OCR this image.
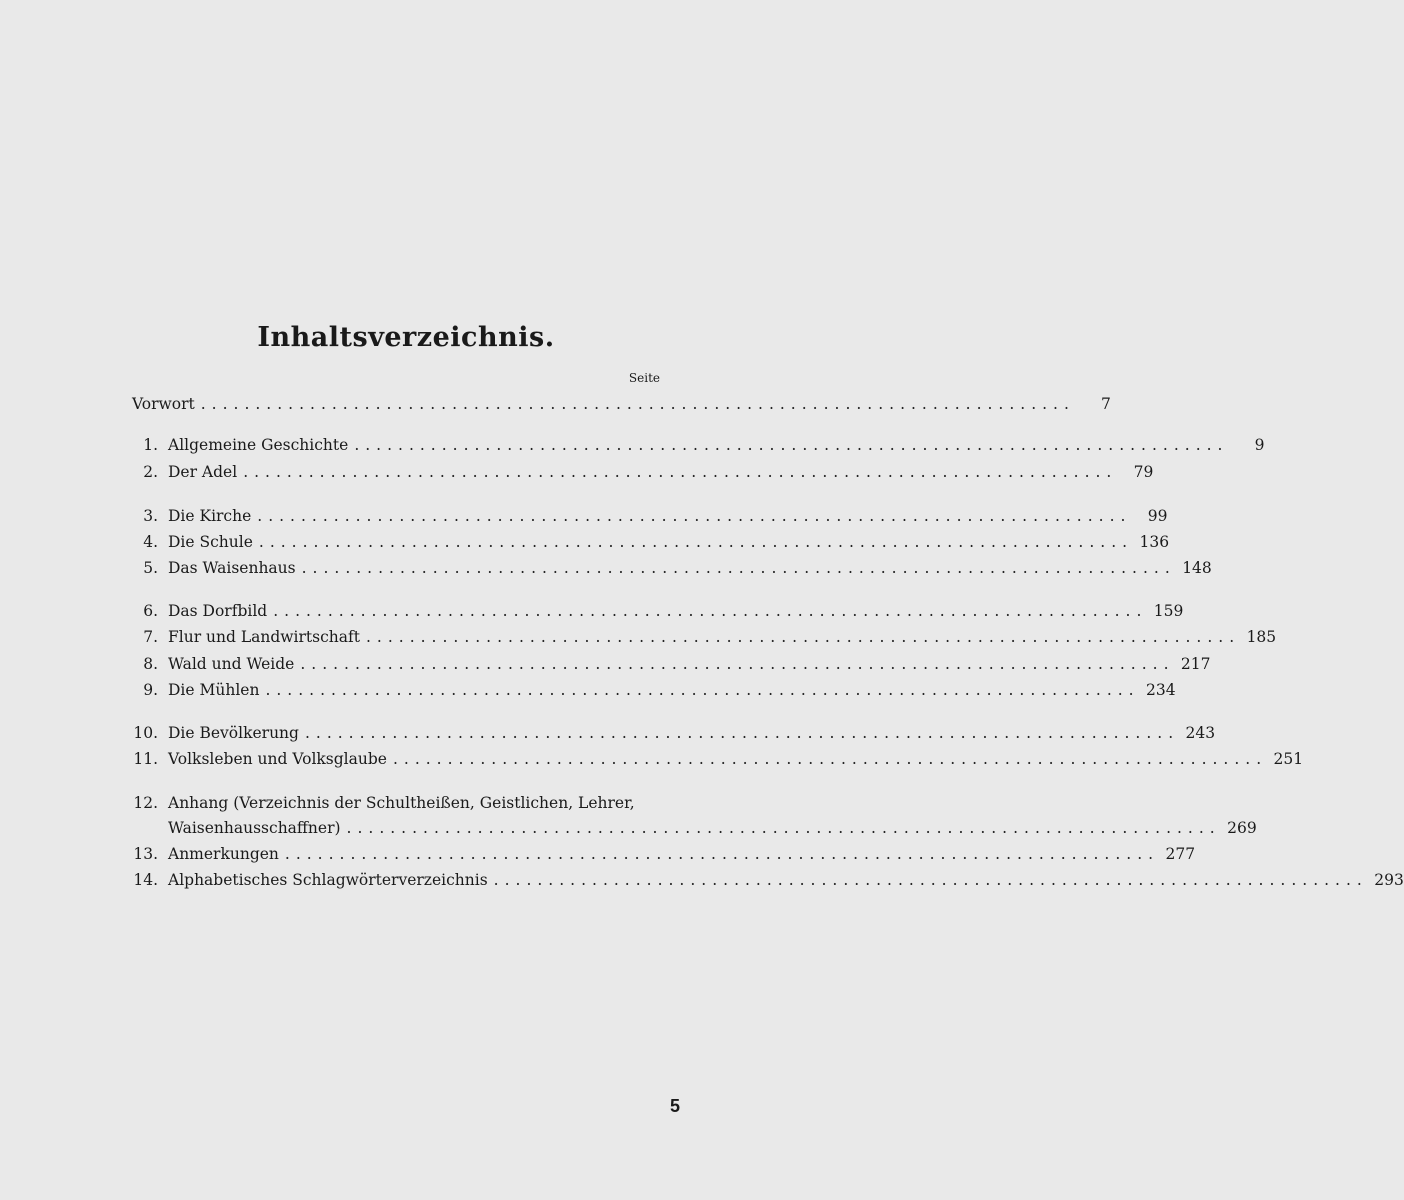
Inhaltsverzeichnis.
Seite
Vorwort ................................................................................	7
1. Allgemeine Geschichte ................................................................................	9
2. Der Adel ................................................................................	79
3. Die Kirche ................................................................................	99
4. Die Schule ................................................................................ 136
5. Das Waisenhaus ................................................................................ 148
6. Das Dorfbild ................................................................................ 159
7. Flur und Landwirtschaft ................................................................................ 185
8. Wald und Weide ................................................................................ 217
9. Die Mühlen ................................................................................ 234
10. Die Bevölkerung ................................................................................ 243
11. Volksleben und Volksglaube ................................................................................ 251
12. Anhang (Verzeichnis der Schultheißen, Geistlichen, Lehrer,
Waisenhausschaffner) ................................................................................ 269
13. Anmerkungen ................................................................................ 277
14. Alphabetisches Schlagwörterverzeichnis ................................................................................ 293
5
